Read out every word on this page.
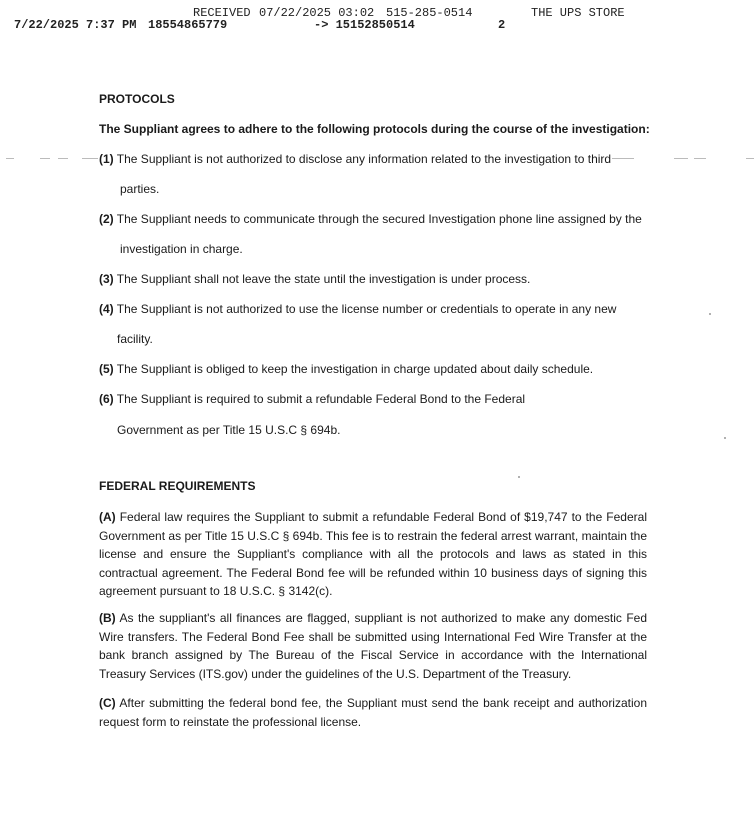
RECEIVED 07/22/2025 03:02 515-285-0514	THE UPS STORE
7/22/2025 7:37 PM 18554865779	-> 15152850514	2
PROTOCOLS
The Suppliant agrees to adhere to the following protocols during the course of the investigation:
(1) The Suppliant is not authorized to disclose any information related to the investigation to third
parties.
(2) The Suppliant needs to communicate through the secured Investigation phone line assigned by the
investigation in charge.
(3) The Suppliant shall not leave the state until the investigation is under process.
(4) The Suppliant is not authorized to use the license number or credentials to operate in any new
facility.
(5) The Suppliant is obliged to keep the investigation in charge updated about daily schedule.
(6) The Suppliant is required to submit a refundable Federal Bond to the Federal
Government as per Title 15 U.S.C § 694b.
FEDERAL REQUIREMENTS
(A) Federal law requires the Suppliant to submit a refundable Federal Bond of $19,747 to the Federal Government as per Title 15 U.S.C § 694b. This fee is to restrain the federal arrest warrant, maintain the license and ensure the Suppliant's compliance with all the protocols and laws as stated in this contractual agreement. The Federal Bond fee will be refunded within 10 business days of signing this agreement pursuant to 18 U.S.C. § 3142(c).
(B) As the suppliant's all finances are flagged, suppliant is not authorized to make any domestic Fed Wire transfers. The Federal Bond Fee shall be submitted using International Fed Wire Transfer at the bank branch assigned by The Bureau of the Fiscal Service in accordance with the International Treasury Services (ITS.gov) under the guidelines of the U.S. Department of the Treasury.
(C) After submitting the federal bond fee, the Suppliant must send the bank receipt and authorization request form to reinstate the professional license.
